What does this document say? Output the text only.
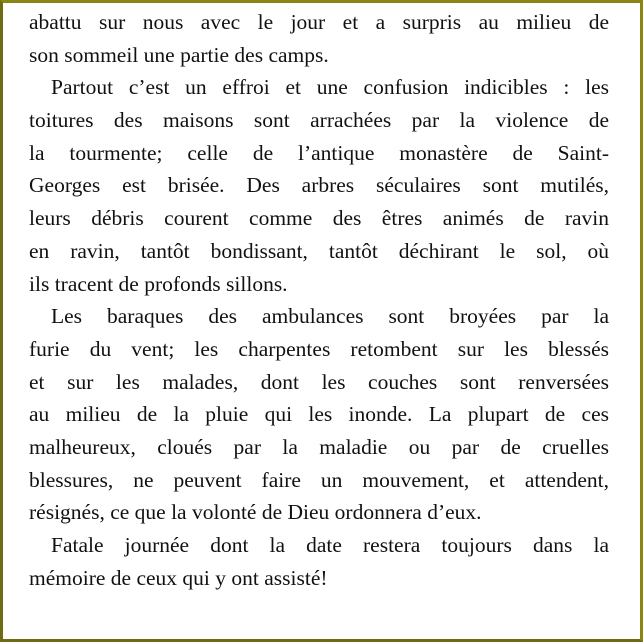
abattu sur nous avec le jour et a surpris au milieu de
son sommeil une partie des camps.
Partout c’est un effroi et une confusion indicibles : les
toitures des maisons sont arrachées par la violence de
la tourmente; celle de l’antique monastère de Saint-
Georges est brisée. Des arbres séculaires sont mutilés,
leurs débris courent comme des êtres animés de ravin
en ravin, tantôt bondissant, tantôt déchirant le sol, où
ils tracent de profonds sillons.
Les baraques des ambulances sont broyées par la
furie du vent; les charpentes retombent sur les blessés
et sur les malades, dont les couches sont renversées
au milieu de la pluie qui les inonde. La plupart de ces
malheureux, cloués par la maladie ou par de cruelles
blessures, ne peuvent faire un mouvement, et attendent,
résignés, ce que la volonté de Dieu ordonnera d’eux.
Fatale journée dont la date restera toujours dans la
mémoire de ceux qui y ont assisté!
